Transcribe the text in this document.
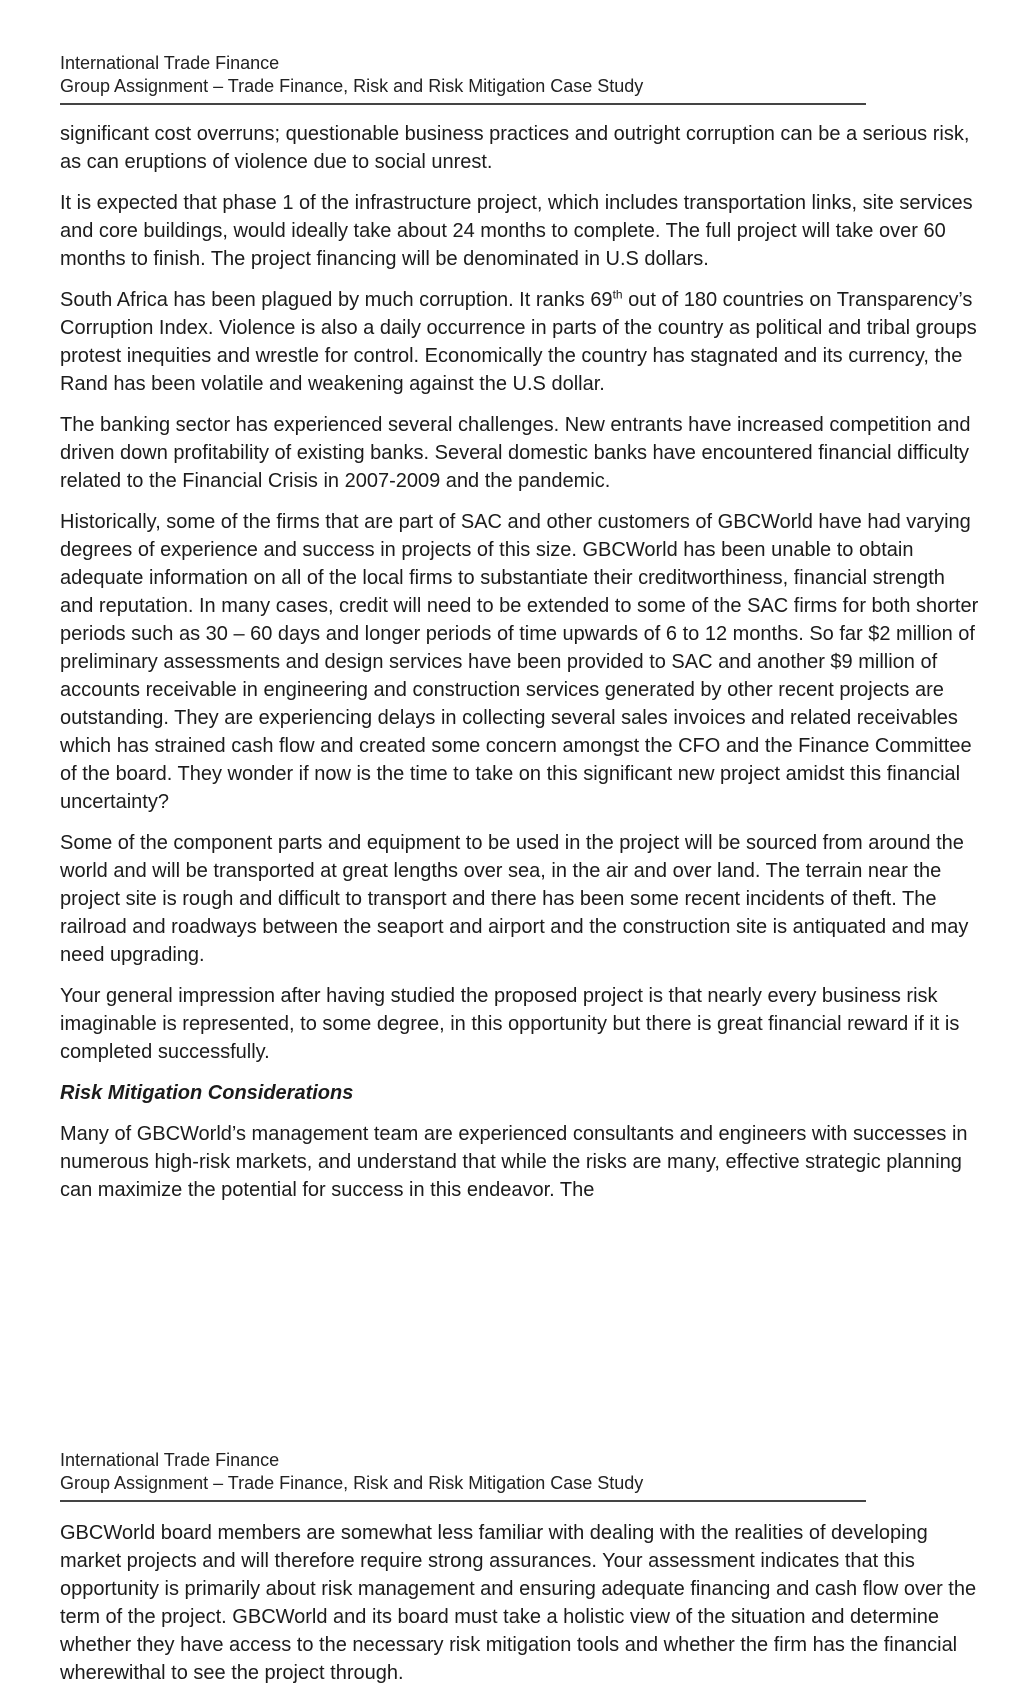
International Trade Finance
Group Assignment – Trade Finance, Risk and Risk Mitigation Case Study

significant cost overruns; questionable business practices and outright corruption can be a serious risk, as can eruptions of violence due to social unrest.

It is expected that phase 1 of the infrastructure project, which includes transportation links, site services and core buildings, would ideally take about 24 months to complete. The full project will take over 60 months to finish. The project financing will be denominated in U.S dollars.

South Africa has been plagued by much corruption. It ranks 69th out of 180 countries on Transparency’s Corruption Index. Violence is also a daily occurrence in parts of the country as political and tribal groups protest inequities and wrestle for control. Economically the country has stagnated and its currency, the Rand has been volatile and weakening against the U.S dollar.

The banking sector has experienced several challenges. New entrants have increased competition and driven down profitability of existing banks. Several domestic banks have encountered financial difficulty related to the Financial Crisis in 2007-2009 and the pandemic.

Historically, some of the firms that are part of SAC and other customers of GBCWorld have had varying degrees of experience and success in projects of this size. GBCWorld has been unable to obtain adequate information on all of the local firms to substantiate their creditworthiness, financial strength and reputation. In many cases, credit will need to be extended to some of the SAC firms for both shorter periods such as 30 – 60 days and longer periods of time upwards of 6 to 12 months. So far $2 million of preliminary assessments and design services have been provided to SAC and another $9 million of accounts receivable in engineering and construction services generated by other recent projects are outstanding. They are experiencing delays in collecting several sales invoices and related receivables which has strained cash flow and created some concern amongst the CFO and the Finance Committee of the board. They wonder if now is the time to take on this significant new project amidst this financial uncertainty?

Some of the component parts and equipment to be used in the project will be sourced from around the world and will be transported at great lengths over sea, in the air and over land. The terrain near the project site is rough and difficult to transport and there has been some recent incidents of theft. The railroad and roadways between the seaport and airport and the construction site is antiquated and may need upgrading.

Your general impression after having studied the proposed project is that nearly every business risk imaginable is represented, to some degree, in this opportunity but there is great financial reward if it is completed successfully.

Risk Mitigation Considerations

Many of GBCWorld’s management team are experienced consultants and engineers with successes in numerous high-risk markets, and understand that while the risks are many, effective strategic planning can maximize the potential for success in this endeavor. The

International Trade Finance
Group Assignment – Trade Finance, Risk and Risk Mitigation Case Study

GBCWorld board members are somewhat less familiar with dealing with the realities of developing market projects and will therefore require strong assurances. Your assessment indicates that this opportunity is primarily about risk management and ensuring adequate financing and cash flow over the term of the project. GBCWorld and its board must take a holistic view of the situation and determine whether they have access to the necessary risk mitigation tools and whether the firm has the financial wherewithal to see the project through.
